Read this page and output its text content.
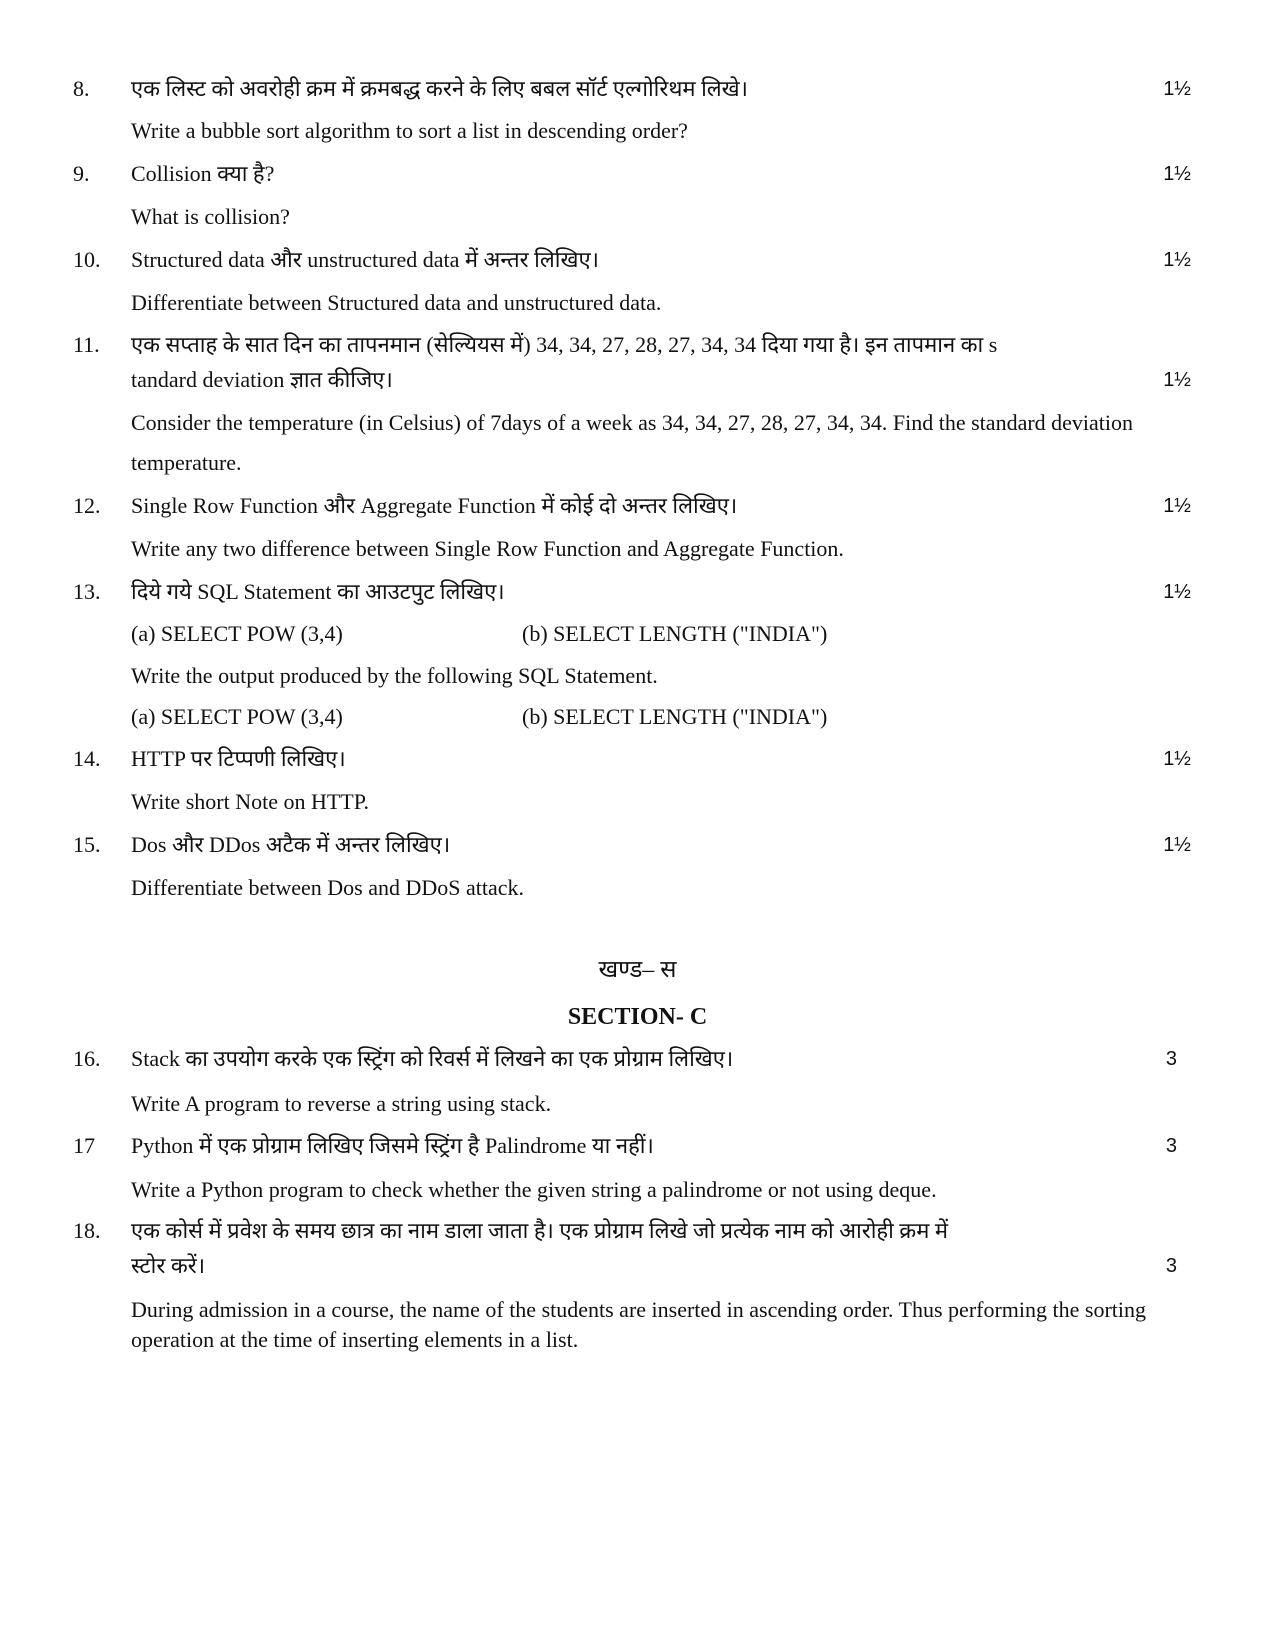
8. एक लिस्ट को अवरोही क्रम में क्रमबद्ध करने के लिए बबल सॉर्ट एल्गोरिथम लिखे।	1½
Write a bubble sort algorithm to sort a list in descending order?
9. Collision क्या है?	1½
What is collision?
10. Structured data और unstructured data में अन्तर लिखिए।	1½
Differentiate between Structured data and unstructured data.
11. एक सप्ताह के सात दिन का तापनमान (सेल्यियस में) 34, 34, 27, 28, 27, 34, 34 दिया गया है। इन तापमान का s
tandard deviation ज्ञात कीजिए।	1½
Consider the temperature (in Celsius) of 7days of a week as 34, 34, 27, 28, 27, 34, 34. Find the standard deviation
temperature.
12. Single Row Function और Aggregate Function में कोई दो अन्तर लिखिए।	1½
Write any two difference between Single Row Function and Aggregate Function.
13. दिये गये SQL Statement का आउटपुट लिखिए।	1½
(a) SELECT POW (3,4)	(b) SELECT LENGTH ("INDIA")
Write the output produced by the following SQL Statement.
(a) SELECT POW (3,4)	(b) SELECT LENGTH ("INDIA")
14. HTTP पर टिप्पणी लिखिए।	1½
Write short Note on HTTP.
15. Dos और DDos अटैक में अन्तर लिखिए।	1½
Differentiate between Dos and DDoS attack.
खण्ड– स
SECTION- C
16. Stack का उपयोग करके एक स्ट्रिंग को रिवर्स में लिखने का एक प्रोग्राम लिखिए।	3
Write A program to reverse a string using stack.
17 Python में एक प्रोग्राम लिखिए जिसमे स्ट्रिंग है Palindrome या नहीं।	3
Write a Python program to check whether the given string a palindrome or not using deque.
18. एक कोर्स में प्रवेश के समय छात्र का नाम डाला जाता है। एक प्रोग्राम लिखे जो प्रत्येक नाम को आरोही क्रम में
स्टोर करें।	3
During admission in a course, the name of the students are inserted in ascending order. Thus performing the sorting operation at the time of inserting elements in a list.
